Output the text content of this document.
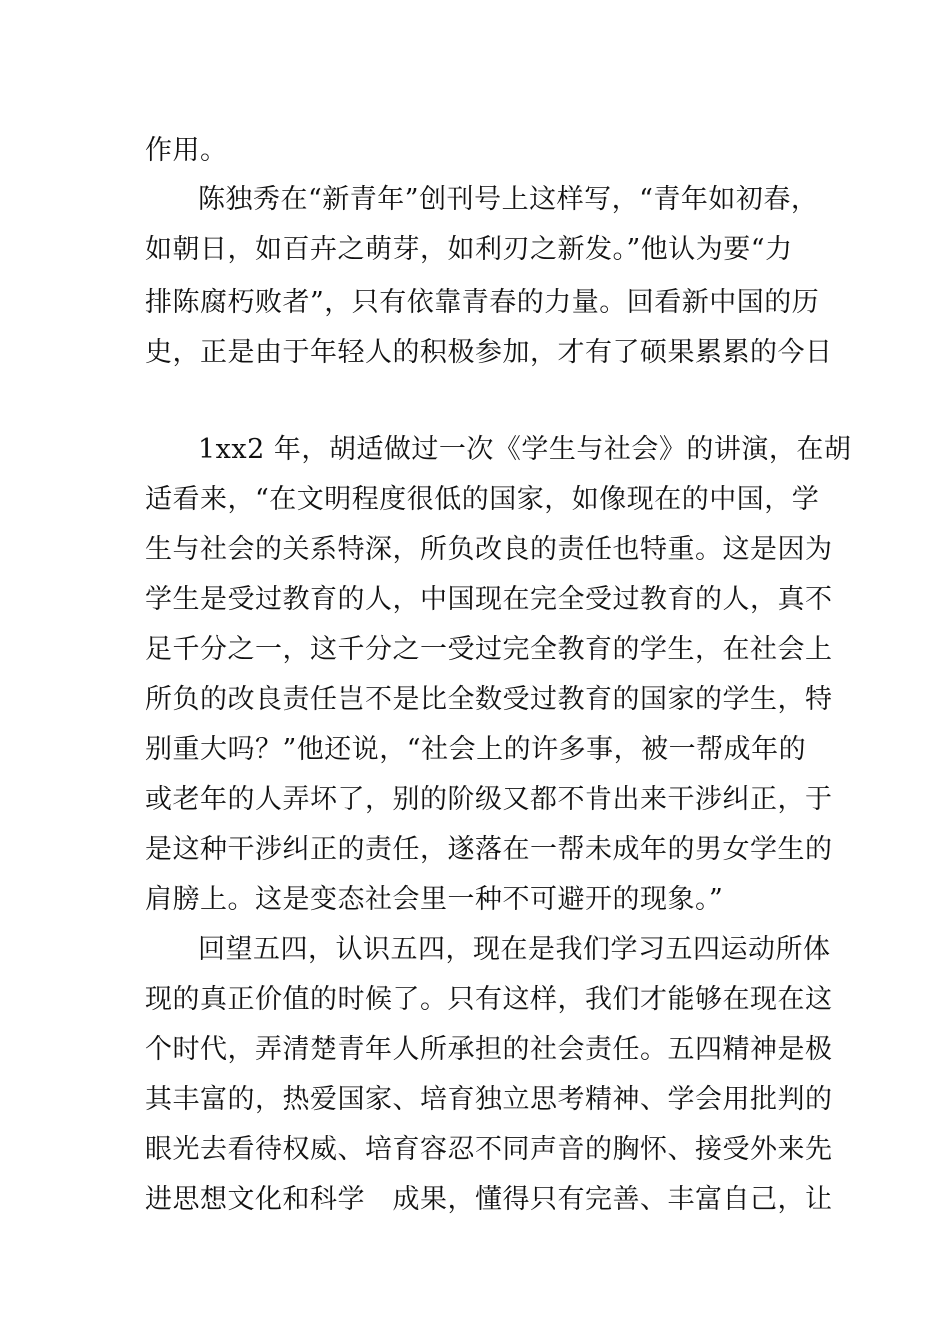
作用。
陈独秀在“新青年”创刊号上这样写，“青年如初春，
如朝日，如百卉之萌芽，如利刃之新发。”他认为要“力
排陈腐朽败者”，只有依靠青春的力量。回看新中国的历
史，正是由于年轻人的积极参加，才有了硕果累累的今日
1xx2 年，胡适做过一次《学生与社会》的讲演，在胡
适看来，“在文明程度很低的国家，如像现在的中国，学
生与社会的关系特深，所负改良的责任也特重。这是因为
学生是受过教育的人，中国现在完全受过教育的人，真不
足千分之一，这千分之一受过完全教育的学生，在社会上
所负的改良责任岂不是比全数受过教育的国家的学生，特
别重大吗？”他还说，“社会上的许多事，被一帮成年的
或老年的人弄坏了，别的阶级又都不肯出来干涉纠正，于
是这种干涉纠正的责任，遂落在一帮未成年的男女学生的
肩膀上。这是变态社会里一种不可避开的现象。”
回望五四，认识五四，现在是我们学习五四运动所体
现的真正价值的时候了。只有这样，我们才能够在现在这
个时代，弄清楚青年人所承担的社会责任。五四精神是极
其丰富的，热爱国家、培育独立思考精神、学会用批判的
眼光去看待权威、培育容忍不同声音的胸怀、接受外来先
进思想文化和科学　成果，懂得只有完善、丰富自己，让
